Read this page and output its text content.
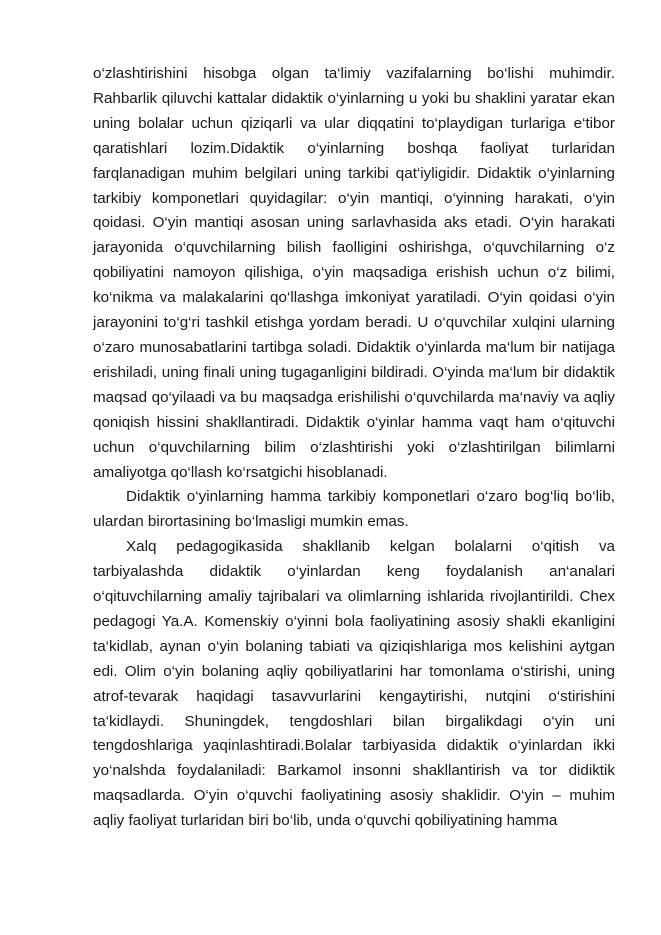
o‘zlashtirishini hisobga olgan ta‘limiy vazifalarning bo‘lishi muhimdir. Rahbarlik qiluvchi kattalar didaktik o‘yinlarning u yoki bu shaklini yaratar ekan uning bolalar uchun qiziqarli va ular diqqatini to‘playdigan turlariga e‘tibor qaratishlari lozim.Didaktik o‘yinlarning boshqa faoliyat turlaridan farqlanadigan muhim belgilari uning tarkibi qat‘iyligidir. Didaktik o‘yinlarning tarkibiy komponetlari quyidagilar: o‘yin mantiqi, o‘yinning harakati, o‘yin qoidasi. O‘yin mantiqi asosan uning sarlavhasida aks etadi. O‘yin harakati jarayonida o‘quvchilarning bilish faolligini oshirishga, o‘quvchilarning o‘z qobiliyatini namoyon qilishiga, o‘yin maqsadiga erishish uchun o‘z bilimi, ko‘nikma va malakalarini qo‘llashga imkoniyat yaratiladi. O‘yin qoidasi o‘yin jarayonini to‘g‘ri tashkil etishga yordam beradi. U o‘quvchilar xulqini ularning o‘zaro munosabatlarini tartibga soladi. Didaktik o‘yinlarda ma‘lum bir natijaga erishiladi, uning finali uning tugaganligini bildiradi. O‘yinda ma‘lum bir didaktik maqsad qo‘yilaadi va bu maqsadga erishilishi o‘quvchilarda ma‘naviy va aqliy qoniqish hissini shakllantiradi. Didaktik o‘yinlar hamma vaqt ham o‘qituvchi uchun o‘quvchilarning bilim o‘zlashtirishi yoki o‘zlashtirilgan bilimlarni amaliyotga qo‘llash ko‘rsatgichi hisoblanadi.

Didaktik o‘yinlarning hamma tarkibiy komponetlari o‘zaro bog‘liq bo‘lib, ulardan birortasining bo‘lmasligi mumkin emas.

Xalq pedagogikasida shakllanib kelgan bolalarni o‘qitish va tarbiyalashda didaktik o‘yinlardan keng foydalanish an‘analari o‘qituvchilarning amaliy tajribalari va olimlarning ishlarida rivojlantirildi. Chex pedagogi Ya.A. Komenskiy o‘yinni bola faoliyatining asosiy shakli ekanligini ta‘kidlab, aynan o‘yin bolaning tabiati va qiziqishlariga mos kelishini aytgan edi. Olim o‘yin bolaning aqliy qobiliyatlarini har tomonlama o‘stirishi, uning atrof-tevarak haqidagi tasavvurlarini kengaytirishi, nutqini o‘stirishini ta‘kidlaydi. Shuningdek, tengdoshlari bilan birgalikdagi o‘yin uni tengdoshlariga yaqinlashtiradi.Bolalar tarbiyasida didaktik o‘yinlardan ikki yo‘nalshda foydalaniladi: Barkamol insonni shakllantirish va tor didiktik maqsadlarda. O‘yin o‘quvchi faoliyatining asosiy shaklidir. O‘yin – muhim aqliy faoliyat turlaridan biri bo‘lib, unda o‘quvchi qobiliyatining hamma
